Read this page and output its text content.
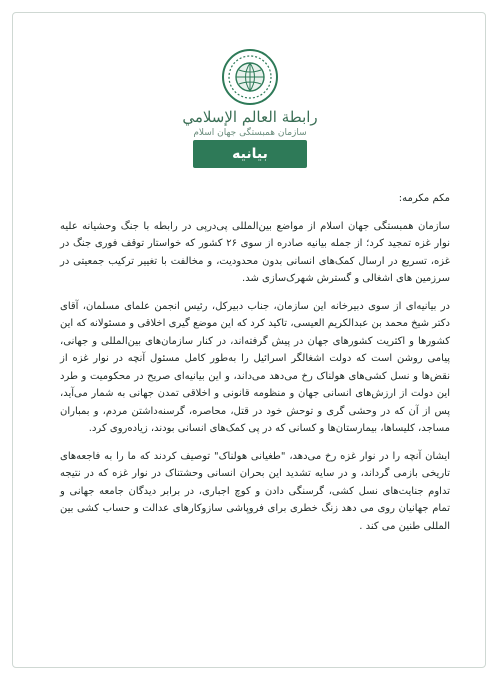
رابطة العالم الإسلامي
سازمان همبستگی جهان اسلام
بیانیه

مکم مکرمه:

سازمان همبستگی جهان اسلام از مواضع بین‌المللی پی‌درپی در رابطه با جنگ وحشیانه علیه نوار غزه تمجید کرد؛ از جمله بیانیه صادره از سوی ۲۶ کشور که خواستار توقف فوری جنگ در غزه، تسریع در ارسال کمک‌های انسانی بدون محدودیت، و مخالفت با تغییر ترکیب جمعیتی در سرزمین های اشغالی و گسترش شهرک‌سازی شد.

در بیانیه‌ای از سوی دبیرخانه این سازمان، جناب دبیرکل، رئیس انجمن علمای مسلمان، آقای دکتر شیخ محمد بن عبدالکریم العیسی، تاکید کرد که این موضع گیری اخلاقی و مسئولانه که این کشورها و اکثریت کشورهای جهان در پیش گرفته‌اند، در کنار سازمان‌های بین‌المللی و جهانی، پیامی روشن است که دولت اشغالگر اسرائیل را به‌طور کامل مسئول آنچه در نوار غزه از نقض‌ها و نسل کشی‌های هولناک رخ می‌دهد می‌داند، و این بیانیه‌ای صریح در محکومیت و طرد این دولت از ارزش‌های انسانی جهان و منظومه قانونی و اخلاقی تمدن جهانی به شمار می‌آید، پس از آن که در وحشی گری و توحش خود در قتل، محاصره، گرسنه‌داشتن مردم، و بمباران مساجد، کلیساها، بیمارستان‌ها و کسانی که در پی کمک‌های انسانی بودند، زیاده‌روی کرد.

ایشان آنچه را در نوار غزه رخ می‌دهد، "طغیانی هولناک" توصیف کردند که ما را به فاجعه‌های تاریخی بازمی گرداند، و در سایه تشدید این بحران انسانی وحشتناک در نوار غزه که در نتیجه تداوم جنایت‌های نسل کشی، گرسنگی دادن و کوچ اجباری، در برابر دیدگان جامعه جهانی و تمام جهانیان روی می دهد زنگ خطری برای فروپاشی سازوکارهای عدالت و حساب کشی بین المللی طنین می کند .
